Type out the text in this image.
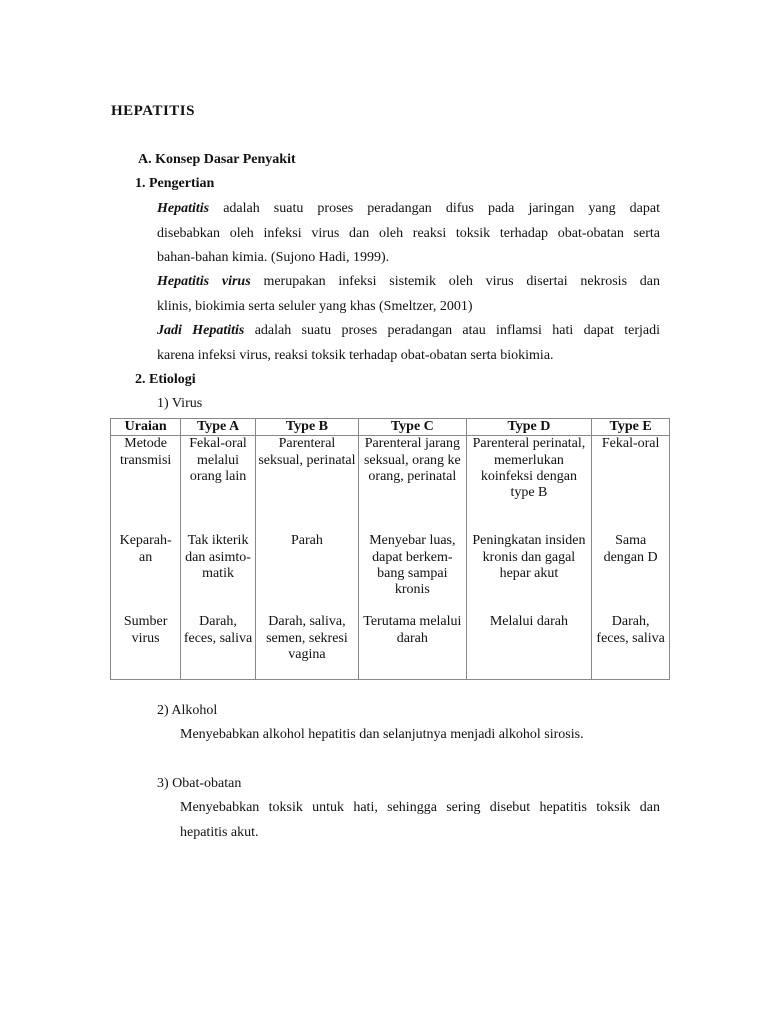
HEPATITIS
A. Konsep Dasar Penyakit
1. Pengertian
Hepatitis adalah suatu proses peradangan difus pada jaringan yang dapat
disebabkan oleh infeksi virus dan oleh reaksi toksik terhadap obat-obatan serta
bahan-bahan kimia. (Sujono Hadi, 1999).
Hepatitis virus merupakan infeksi sistemik oleh virus disertai nekrosis dan
klinis, biokimia serta seluler yang khas (Smeltzer, 2001)
Jadi Hepatitis adalah suatu proses peradangan atau inflamsi hati dapat terjadi
karena infeksi virus, reaksi toksik terhadap obat-obatan serta biokimia.
2. Etiologi
1) Virus
Uraian	Type A	Type B	Type C	Type D	Type E
Metode transmisi	Fekal-oral melalui orang lain	Parenteral seksual, perinatal	Parenteral jarang seksual, orang ke orang, perinatal	Parenteral perinatal, memerlukan koinfeksi dengan type B	Fekal-oral
Keparah-an	Tak ikterik dan asimto-matik	Parah	Menyebar luas, dapat berkem-bang sampai kronis	Peningkatan insiden kronis dan gagal hepar akut	Sama dengan D
Sumber virus	Darah, feces, saliva	Darah, saliva, semen, sekresi vagina	Terutama melalui darah	Melalui darah	Darah, feces, saliva
2) Alkohol
Menyebabkan alkohol hepatitis dan selanjutnya menjadi alkohol sirosis.
3) Obat-obatan
Menyebabkan toksik untuk hati, sehingga sering disebut hepatitis toksik dan
hepatitis akut.
